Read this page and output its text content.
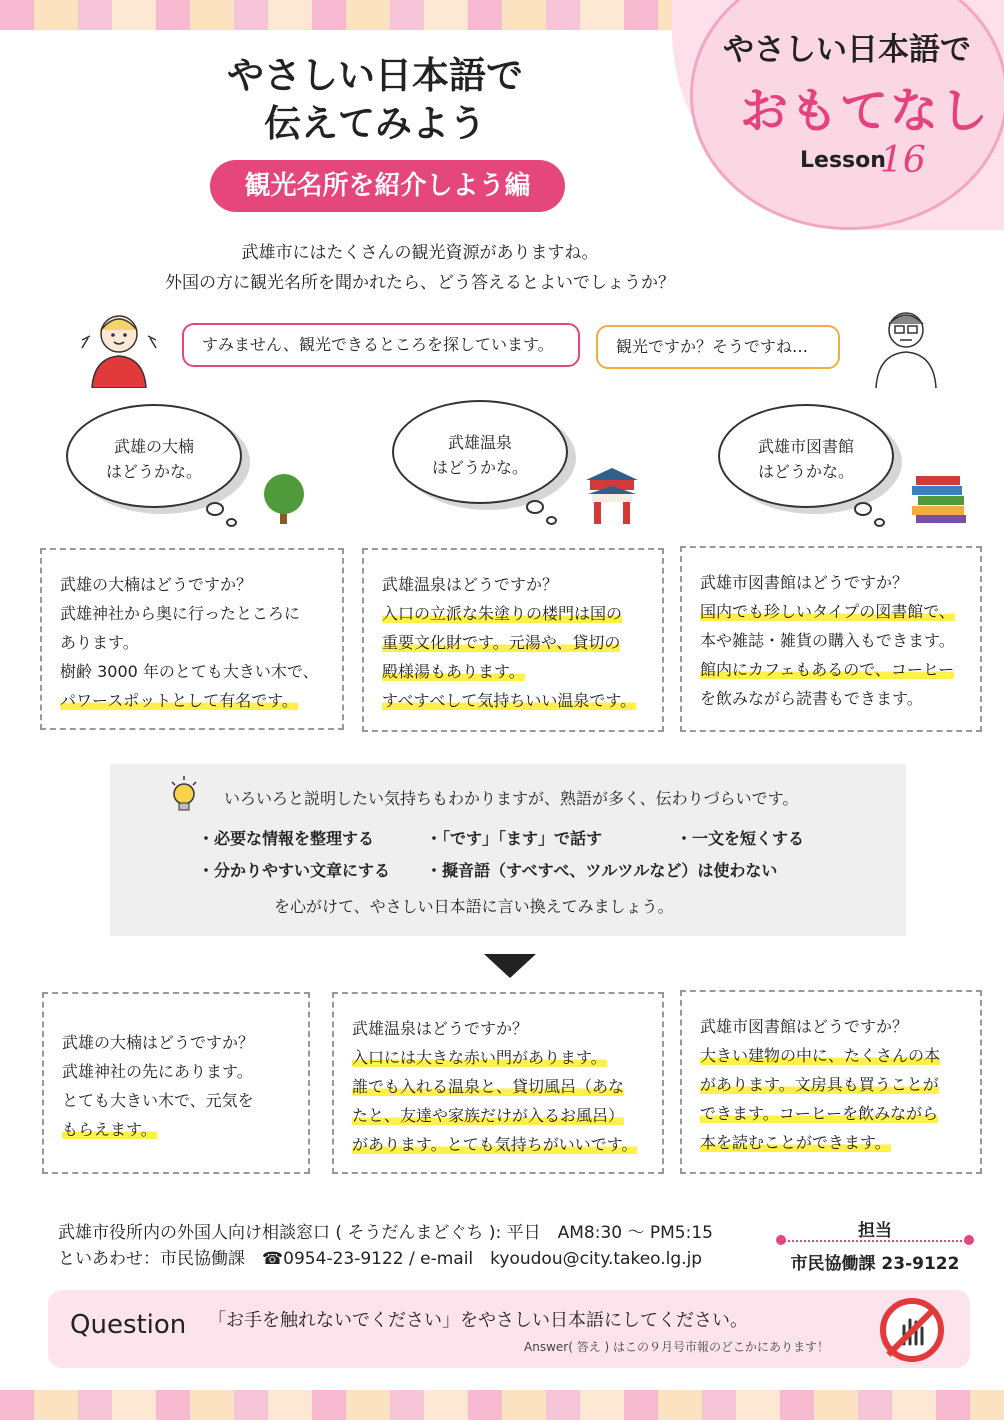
やさしい日本語で
おもてなし
Lesson
16
やさしい日本語で
伝えてみよう
観光名所を紹介しよう編
武雄市にはたくさんの観光資源がありますね。
外国の方に観光名所を聞かれたら、どう答えるとよいでしょうか？
すみません、観光できるところを探しています。	観光ですか？そうですね…
武雄の大楠
はどうかな。
武雄温泉
はどうかな。
武雄市図書館
はどうかな。
武雄の大楠はどうですか？
武雄神社から奥に行ったところに
あります。
樹齢 3000 年のとても大きい木で、
パワースポットとして有名です。
武雄温泉はどうですか？
入口の立派な朱塗りの楼門は国の
重要文化財です。元湯や、貸切の
殿様湯もあります。
すべすべして気持ちいい温泉です。
武雄市図書館はどうですか？
国内でも珍しいタイプの図書館で、
本や雑誌・雑貨の購入もできます。
館内にカフェもあるので、コーヒー
を飲みながら読書もできます。
いろいろと説明したい気持ちもわかりますが、熟語が多く、伝わりづらいです。
・必要な情報を整理する	・「です」「ます」で話す	・一文を短くする
・分かりやすい文章にする ・擬音語（すべすべ、ツルツルなど）は使わない
を心がけて、やさしい日本語に言い換えてみましょう。
武雄の大楠はどうですか？
武雄神社の先にあります。
とても大きい木で、元気を
もらえます。
武雄温泉はどうですか？
入口には大きな赤い門があります。
誰でも入れる温泉と、貸切風呂（あな
たと、友達や家族だけが入るお風呂）
があります。とても気持ちがいいです。
武雄市図書館はどうですか？
大きい建物の中に、たくさんの本
があります。文房具も買うことが
できます。コーヒーを飲みながら
本を読むことができます。
武雄市役所内の外国人向け相談窓口 ( そうだんまどぐち ): 平日　AM8:30 ～ PM5:15
といあわせ：市民協働課　☎0954-23-9122 / e-mail　kyoudou@city.takeo.lg.jp
担当
市民協働課 23-9122
Question 「お手を触れないでください」をやさしい日本語にしてください。
Answer( 答え ) はこの９月号市報のどこかにあります！
